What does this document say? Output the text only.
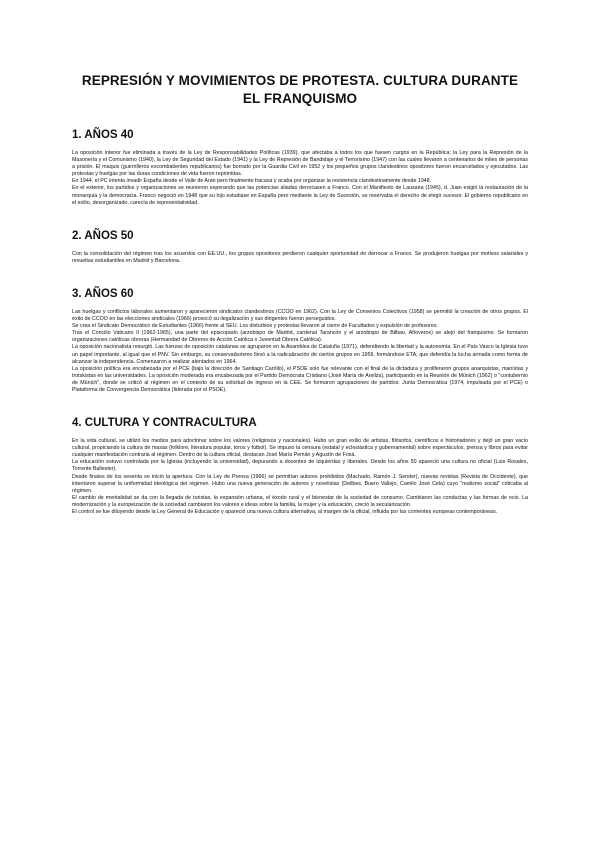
REPRESIÓN Y MOVIMIENTOS DE PROTESTA. CULTURA DURANTE EL FRANQUISMO
1. AÑOS 40

La oposición interior fue eliminada a través de la Ley de Responsabilidades Políticas (1939), que afectaba a todos los que fuesen cargos en la República; la Ley para la Represión de la Masonería y el Comunismo (1940), la Ley de Seguridad del Estado (1941) y la Ley de Represión de Bandidaje y el Terrorismo (1947) con las cuales llevaron a centenarios de miles de personas a prisión. El maquis (guerrilleros excombatientes republicanos) fue borrado por la Guardia Civil en 1952 y los pequeños grupos clandestinos opositores fueron encarcelados y ejecutados. Las protestas y huelgas por las duras condiciones de vida fueron reprimidas.

En 1944, el PC intenta invadir España desde el Valle de Arán pero finalmente fracasa y acaba por organizar la resistencia clandestinamente desde 1948.

En el exterior, los partidos y organizaciones se reunieron esperando que las potencias aliadas derrocasen a Franco. Con el Manifiesto de Lausana (1945), d. Juan exigió la restauración de la monarquía y la democracia. Franco negoció en 1948 que su hijo estudiase en España pero mediante la Ley de Sucesión, se reservaba el derecho de elegir sucesor. El gobierno republicano en el exilio, desorganizado, carecía de representatividad.

2. AÑOS 50

Con la consolidación del régimen tras los acuerdos con EE.UU., los grupos opositores perdieron cualquier oportunidad de derrocar a Franco. Se produjeron huelgas por motivos salariales y revueltas estudiantiles en Madrid y Barcelona.

3. AÑOS 60

Las huelgas y conflictos laborales aumentaron y aparecieron sindicatos clandestinos (CCOO en 1962). Con la Ley de Convenios Colectivos (1958) se permitió la creación de otros grupos. El éxito de CCOO en las elecciones sindicales (1966) provocó su ilegalización y sus dirigentes fueron perseguidos.

Se crea el Sindicato Democrático de Estudiantes (1966) frente al SEU. Los disturbios y protestas llevaron al cierre de Facultades y expulsión de profesores.

Tras el Concilio Vaticano II (1962-1965), una parte del episcopado (arzobispo de Madrid, cardenal Tarancón y el arzobispo de Bilbao, Añoveros) se alejó del franquismo. Se formaron organizaciones católicas obreras (Hermandad de Obreros de Acción Católica o Juventud Obrera Católica).

La oposición nacionalista resurgió. Las fuerzas de oposición catalanas se agruparon en la Asamblea de Cataluña (1971), defendiendo la libertad y la autonomía. En el País Vasco la Iglesia tuvo un papel importante, al igual que el PNV. Sin embargo, su conservadurismo llevó a la radicalización de ciertos grupos en 1959, formándose ETA, que defendía la lucha armada como forma de alcanzar la independencia. Comenzaron a realizar atentados en 1964.

La oposición política era encabezada por el PCE (bajo la dirección de Santiago Carrillo), el PSOE solo fue relevante con el final de la dictadura y proliferaron grupos anarquistas, maoístas y trotskistas en las universidades. La oposición moderada era encabezada por el Partido Demócrata Cristiano (José María de Areilza), participando en la Reunión de Múnich (1962) o "contubernio de Múnich", donde se criticó al régimen en el contexto de su solicitud de ingreso en la CEE. Se formaron agrupaciones de partidos: Junta Democrática (1974, impulsada por el PCE) o Plataforma de Convergencia Democrática (liderada por el PSOE).

4. CULTURA Y CONTRACULTURA

En la vida cultural, se utilizó los medios para adoctrinar sobre los valores (religiosos y nacionales). Hubo un gran exilio de artistas, filósofos, científicos e historiadores y dejó un gran vacío cultural, propiciando la cultura de masas (folklore, literatura popular, toros y fútbol). Se impuso la censura (estatal y eclesiástica y gubernamental) sobre espectáculos, prensa y libros para evitar cualquier manifestación contraria al régimen. Dentro de la cultura oficial, destacan José María Pemán y Agustín de Foxá.

La educación estuvo controlada por la Iglesia (incluyendo la universidad), depurando a docentes de izquierdas y liberales. Desde los años 50 apareció una cultura no oficial (Luis Rosales, Torrente Ballester).

Desde finales de los sesenta se inició la apertura. Con la Ley de Prensa (1966) se permitían autores prohibidos (Machado, Ramón J. Sender), nuevas revistas (Revista de Occidente), que intentaron superar la uniformidad ideológica del régimen. Hubo una nueva generación de autores y novelistas (Delibes, Buero Vallejo, Camilo José Cela) cuyo "realismo social" criticaba al régimen.

El cambio de mentalidad se da con la llegada de turistas, la expansión urbana, el éxodo rural y el bienestar de la sociedad de consumo. Cambiaron las conductas y las formas de ocio. La modernización y la europeización de la sociedad cambiaron los valores e ideas sobre la familia, la mujer y la educación, creció la secularización.

El control se fue diluyendo desde la Ley General de Educación y apareció una nueva cultura alternativa, al margen de la oficial, influida por las corrientes europeas contemporáneas.
